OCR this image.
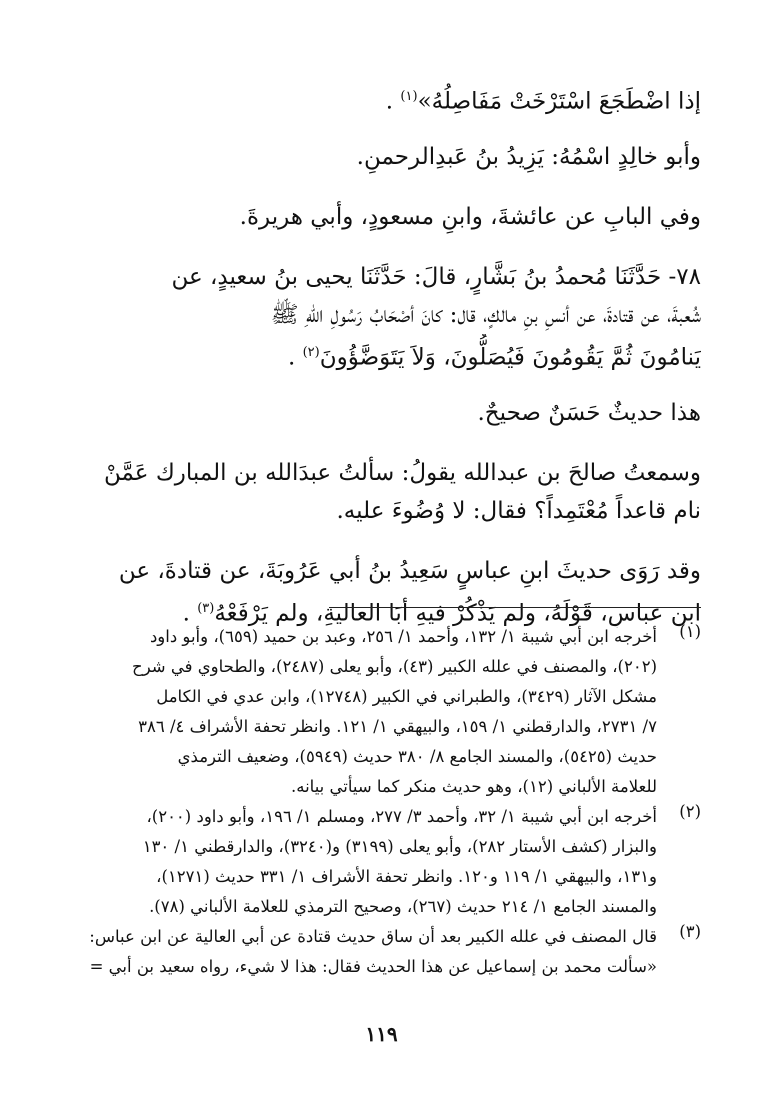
إذا اضْطَجَعَ اسْتَرْخَتْ مَفَاصِلُهُ»$^{(١)}$ .
وأبو خالِدٍ اسْمُهُ: يَزِيدُ بنُ عَبدِالرحمنِ.
وفي البابِ عن عائشةَ، وابنِ مسعودٍ، وأبي هريرةَ.
٧٨- حَدَّثَنَا مُحمدُ بنُ بَشَّارٍ، قالَ: حَدَّثَنَا يحيى بنُ سعيدٍ، عن
شُعبةَ، عن قتادةَ، عن أنسِ بنِ مالكٍ، قال: كانَ أصْحَابُ رَسُولِ اللهِ ﷺ
يَنامُونَ ثُمَّ يَقُومُونَ فَيُصَلُّونَ، وَلاَ يَتَوَضَّؤُونَ$^{(٢)}$ .
هذا حديثٌ حَسَنٌ صحيحٌ.
وسمعتُ صالحَ بن عبدالله يقولُ: سألتُ عبدَالله بن المبارك عَمَّنْ
نام قاعداً مُعْتَمِداً؟ فقال: لا وُضُوءَ عليه.
وقد رَوَى حديثَ ابنِ عباسٍ سَعِيدُ بنُ أبي عَرُوبَةَ، عن قتادةَ، عن
ابنِ عباسٍ، قَوْلَهُ، ولم يَذْكُرْ فيهِ أبَا العاليةِ، ولم يَرْفَعْهُ$^{(٣)}$ .
(١)
أخرجه ابن أبي شيبة ١/ ١٣٢، وأحمد ١/ ٢٥٦، وعبد بن حميد (٦٥٩)، وأبو داود
(٢٠٢)، والمصنف في علله الكبير (٤٣)، وأبو يعلى (٢٤٨٧)، والطحاوي في شرح
مشكل الآثار (٣٤٢٩)، والطبراني في الكبير (١٢٧٤٨)، وابن عدي في الكامل
٧/ ٢٧٣١، والدارقطني ١/ ١٥٩، والبيهقي ١/ ١٢١. وانظر تحفة الأشراف ٤/ ٣٨٦
حديث (٥٤٢٥)، والمسند الجامع ٨/ ٣٨٠ حديث (٥٩٤٩)، وضعيف الترمذي
للعلامة الألباني (١٢)، وهو حديث منكر كما سيأتي بيانه.
(٢)
أخرجه ابن أبي شيبة ١/ ٣٢، وأحمد ٣/ ٢٧٧، ومسلم ١/ ١٩٦، وأبو داود (٢٠٠)،
والبزار (كشف الأستار ٢٨٢)، وأبو يعلى (٣١٩٩) و(٣٢٤٠)، والدارقطني ١/ ١٣٠
و١٣١، والبيهقي ١/ ١١٩ و١٢٠. وانظر تحفة الأشراف ١/ ٣٣١ حديث (١٢٧١)،
والمسند الجامع ١/ ٢١٤ حديث (٢٦٧)، وصحيح الترمذي للعلامة الألباني (٧٨).
(٣)
قال المصنف في علله الكبير بعد أن ساق حديث قتادة عن أبي العالية عن ابن عباس:
«سألت محمد بن إسماعيل عن هذا الحديث فقال: هذا لا شيء، رواه سعيد بن أبي =
١١٩
